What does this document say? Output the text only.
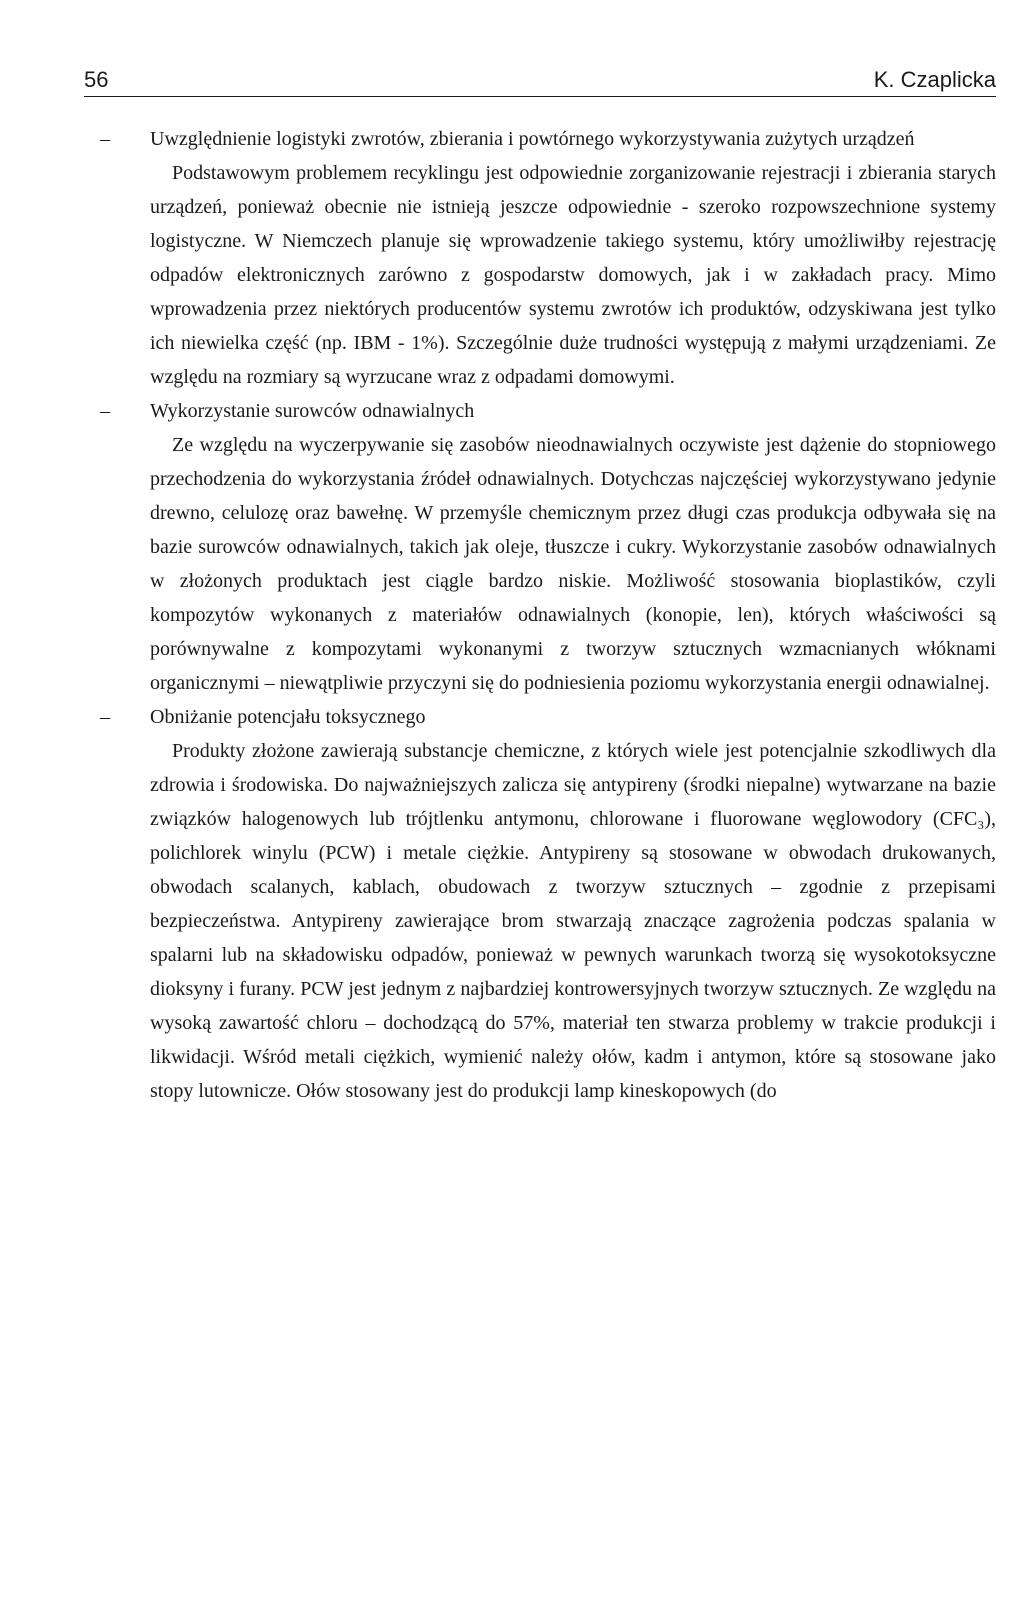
56	K. Czaplicka
– Uwzględnienie logistyki zwrotów, zbierania i powtórnego wykorzystywania zużytych urządzeń

Podstawowym problemem recyklingu jest odpowiednie zorganizowanie rejestracji i zbierania starych urządzeń, ponieważ obecnie nie istnieją jeszcze odpowiednie - szeroko rozpowszechnione systemy logistyczne. W Niemczech planuje się wprowadzenie takiego systemu, który umożliwiłby rejestrację odpadów elektronicznych zarówno z gospodarstw domowych, jak i w zakładach pracy. Mimo wprowadzenia przez niektórych producentów systemu zwrotów ich produktów, odzyskiwana jest tylko ich niewielka część (np. IBM - 1%). Szczególnie duże trudności występują z małymi urządzeniami. Ze względu na rozmiary są wyrzucane wraz z odpadami domowymi.

– Wykorzystanie surowców odnawialnych

Ze względu na wyczerpywanie się zasobów nieodnawialnych oczywiste jest dążenie do stopniowego przechodzenia do wykorzystania źródeł odnawialnych. Dotychczas najczęściej wykorzystywano jedynie drewno, celulozę oraz bawełnę. W przemyśle chemicznym przez długi czas produkcja odbywała się na bazie surowców odnawialnych, takich jak oleje, tłuszcze i cukry. Wykorzystanie zasobów odnawialnych w złożonych produktach jest ciągle bardzo niskie. Możliwość stosowania bioplastików, czyli kompozytów wykonanych z materiałów odnawialnych (konopie, len), których właściwości są porównywalne z kompozytami wykonanymi z tworzyw sztucznych wzmacnianych włóknami organicznymi – niewątpliwie przyczyni się do podniesienia poziomu wykorzystania energii odnawialnej.

– Obniżanie potencjału toksycznego

Produkty złożone zawierają substancje chemiczne, z których wiele jest potencjalnie szkodliwych dla zdrowia i środowiska. Do najważniejszych zalicza się antypireny (środki niepalne) wytwarzane na bazie związków halogenowych lub trójtlenku antymonu, chlorowane i fluorowane węglowodory (CFC₃), polichlorek winylu (PCW) i metale ciężkie. Antypireny są stosowane w obwodach drukowanych, obwodach scalanych, kablach, obudowach z tworzyw sztucznych – zgodnie z przepisami bezpieczeństwa. Antypireny zawierające brom stwarzają znaczące zagrożenia podczas spalania w spalarni lub na składowisku odpadów, ponieważ w pewnych warunkach tworzą się wysokotoksyczne dioksyny i furany. PCW jest jednym z najbardziej kontrowersyjnych tworzyw sztucznych. Ze względu na wysoką zawartość chloru – dochodzącą do 57%, materiał ten stwarza problemy w trakcie produkcji i likwidacji. Wśród metali ciężkich, wymienić należy ołów, kadm i antymon, które są stosowane jako stopy lutownicze. Ołów stosowany jest do produkcji lamp kineskopowych (do
